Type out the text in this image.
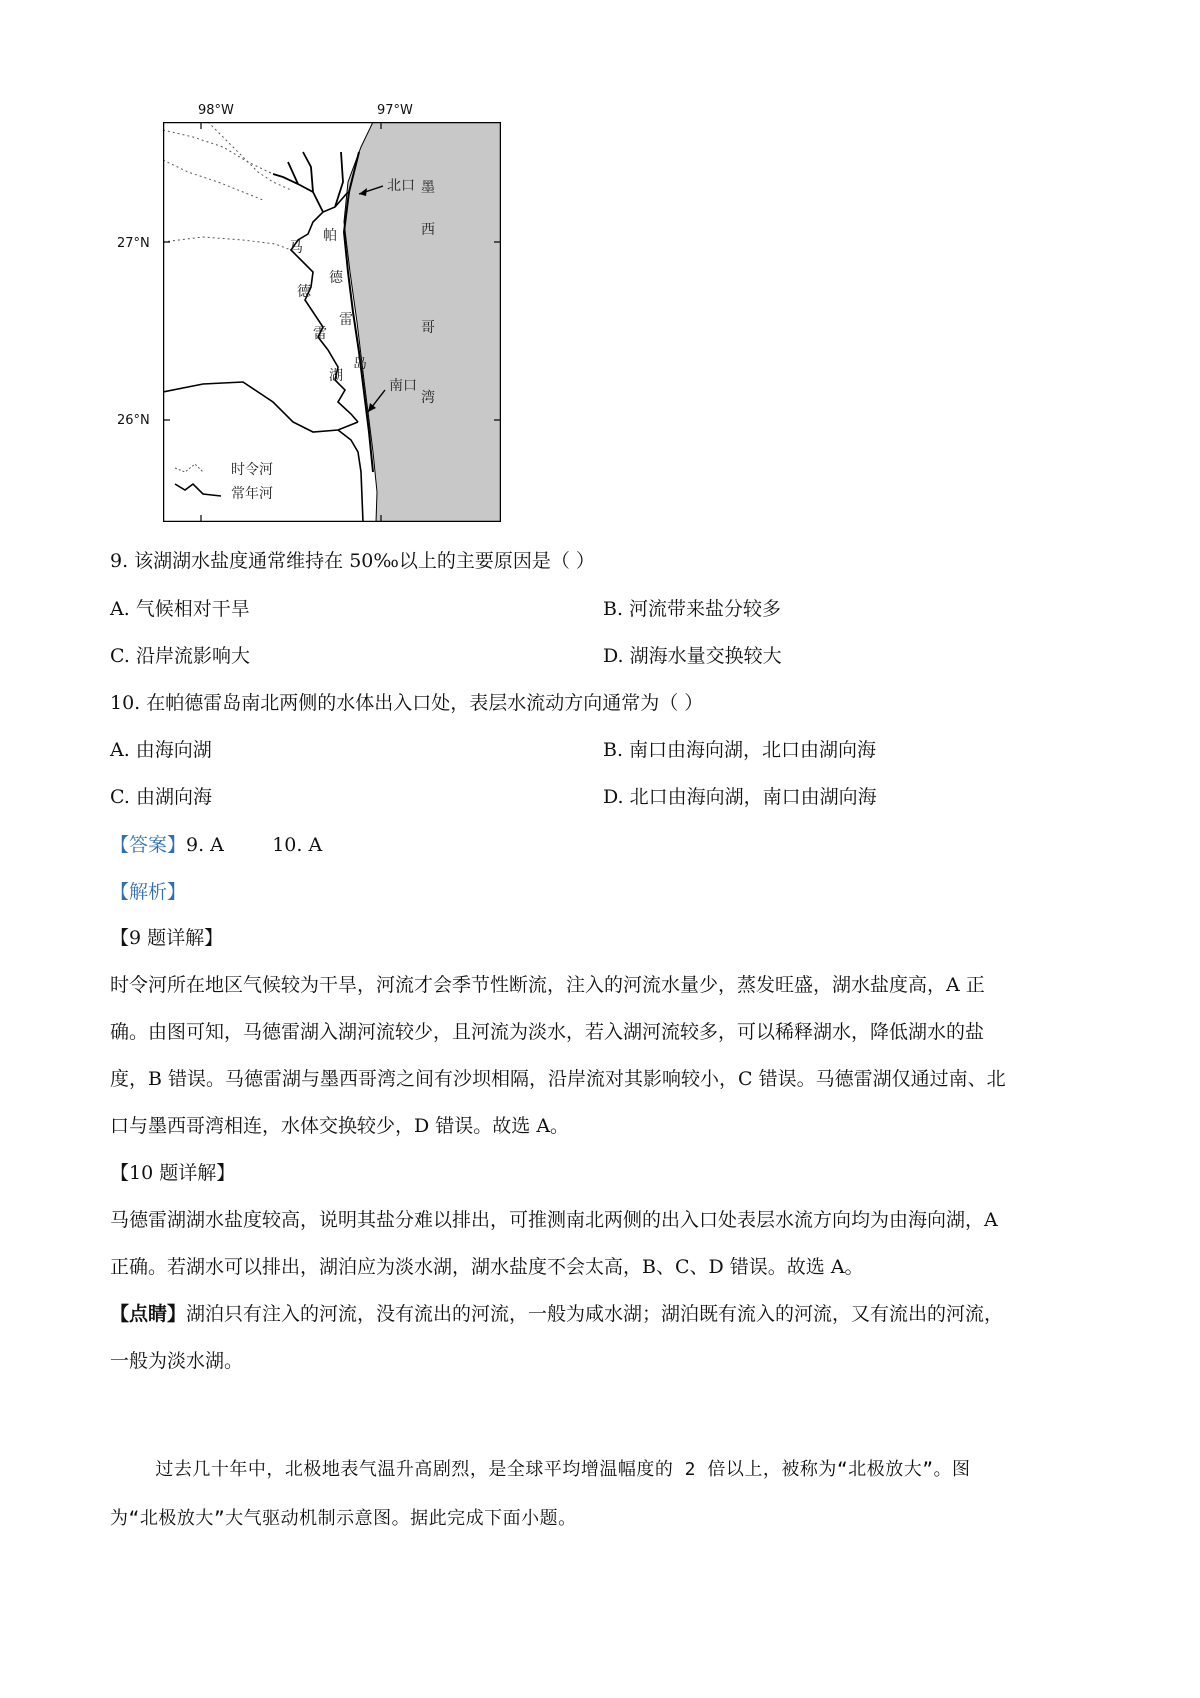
北口
南口
墨
西
哥
湾
帕
德
雷
岛
马
德
雷
湖
时令河
常年河
98°W	97°W
27°N
26°N
9. 该湖湖水盐度通常维持在 50‰以上的主要原因是（ ）
A. 气候相对干旱	B. 河流带来盐分较多
C. 沿岸流影响大	D. 湖海水量交换较大
10. 在帕德雷岛南北两侧的水体出入口处，表层水流动方向通常为（ ）
A. 由海向湖	B. 南口由海向湖，北口由湖向海
C. 由湖向海	D. 北口由海向湖，南口由湖向海
【答案】9. A        10. A
【解析】
【9 题详解】
时令河所在地区气候较为干旱，河流才会季节性断流，注入的河流水量少，蒸发旺盛，湖水盐度高，A 正
确。由图可知，马德雷湖入湖河流较少，且河流为淡水，若入湖河流较多，可以稀释湖水，降低湖水的盐
度，B 错误。马德雷湖与墨西哥湾之间有沙坝相隔，沿岸流对其影响较小，C 错误。马德雷湖仅通过南、北
口与墨西哥湾相连，水体交换较少，D 错误。故选 A。
【10 题详解】
马德雷湖湖水盐度较高，说明其盐分难以排出，可推测南北两侧的出入口处表层水流方向均为由海向湖，A
正确。若湖水可以排出，湖泊应为淡水湖，湖水盐度不会太高，B、C、D 错误。故选 A。
【点睛】湖泊只有注入的河流，没有流出的河流，一般为咸水湖；湖泊既有流入的河流，又有流出的河流，
一般为淡水湖。
过去几十年中，北极地表气温升高剧烈，是全球平均增温幅度的 2 倍以上，被称为“北极放大”。图
为“北极放大”大气驱动机制示意图。据此完成下面小题。
